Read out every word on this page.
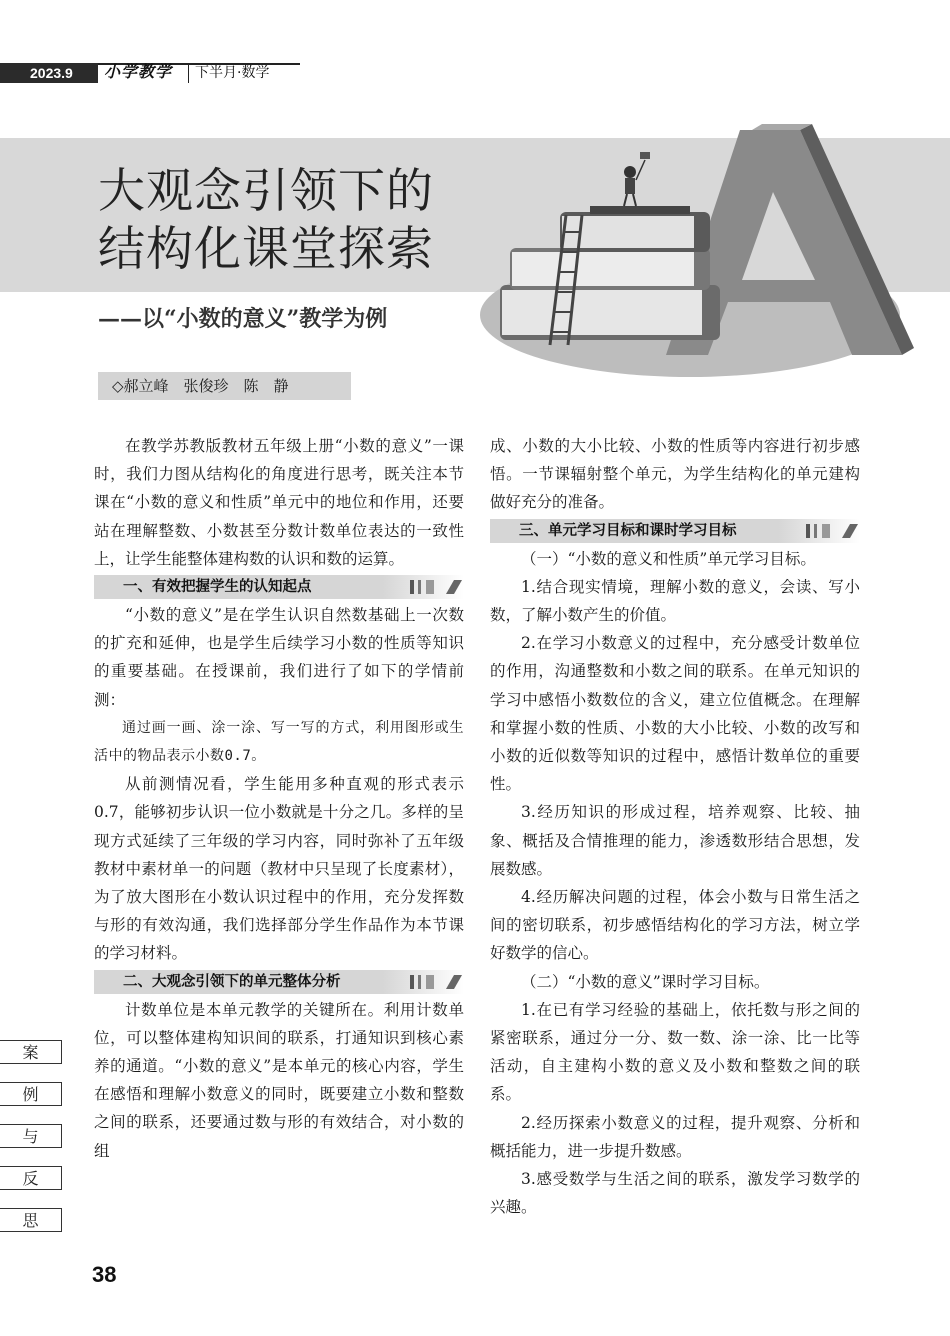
2023.9 小学教学	下半月·数学
大观念引领下的
结构化课堂探索
——以“小数的意义”教学为例
◇郝立峰　张俊珍　陈　静

在教学苏教版教材五年级上册“小数的意义”一课时，我们力图从结构化的角度进行思考，既关注本节课在“小数的意义和性质”单元中的地位和作用，还要站在理解整数、小数甚至分数计数单位表达的一致性上，让学生能整体建构数的认识和数的运算。

一、有效把握学生的认知起点

“小数的意义”是在学生认识自然数基础上一次数的扩充和延伸，也是学生后续学习小数的性质等知识的重要基础。在授课前，我们进行了如下的学情前测：

通过画一画、涂一涂、写一写的方式，利用图形或生活中的物品表示小数0.7。

从前测情况看，学生能用多种直观的形式表示0.7，能够初步认识一位小数就是十分之几。多样的呈现方式延续了三年级的学习内容，同时弥补了五年级教材中素材单一的问题（教材中只呈现了长度素材），为了放大图形在小数认识过程中的作用，充分发挥数与形的有效沟通，我们选择部分学生作品作为本节课的学习材料。

二、大观念引领下的单元整体分析

计数单位是本单元教学的关键所在。利用计数单位，可以整体建构知识间的联系，打通知识到核心素养的通道。“小数的意义”是本单元的核心内容，学生在感悟和理解小数意义的同时，既要建立小数和整数之间的联系，还要通过数与形的有效结合，对小数的组

成、小数的大小比较、小数的性质等内容进行初步感悟。一节课辐射整个单元，为学生结构化的单元建构做好充分的准备。

三、单元学习目标和课时学习目标

（一）“小数的意义和性质”单元学习目标。

1.结合现实情境，理解小数的意义，会读、写小数，了解小数产生的价值。

2.在学习小数意义的过程中，充分感受计数单位的作用，沟通整数和小数之间的联系。在单元知识的学习中感悟小数数位的含义，建立位值概念。在理解和掌握小数的性质、小数的大小比较、小数的改写和小数的近似数等知识的过程中，感悟计数单位的重要性。

3.经历知识的形成过程，培养观察、比较、抽象、概括及合情推理的能力，渗透数形结合思想，发展数感。

4.经历解决问题的过程，体会小数与日常生活之间的密切联系，初步感悟结构化的学习方法，树立学好数学的信心。

（二）“小数的意义”课时学习目标。

1.在已有学习经验的基础上，依托数与形之间的紧密联系，通过分一分、数一数、涂一涂、比一比等活动，自主建构小数的意义及小数和整数之间的联系。

2.经历探索小数意义的过程，提升观察、分析和概括能力，进一步提升数感。

3.感受数学与生活之间的联系，激发学习数学的兴趣。

案
例
与
反
思
38
